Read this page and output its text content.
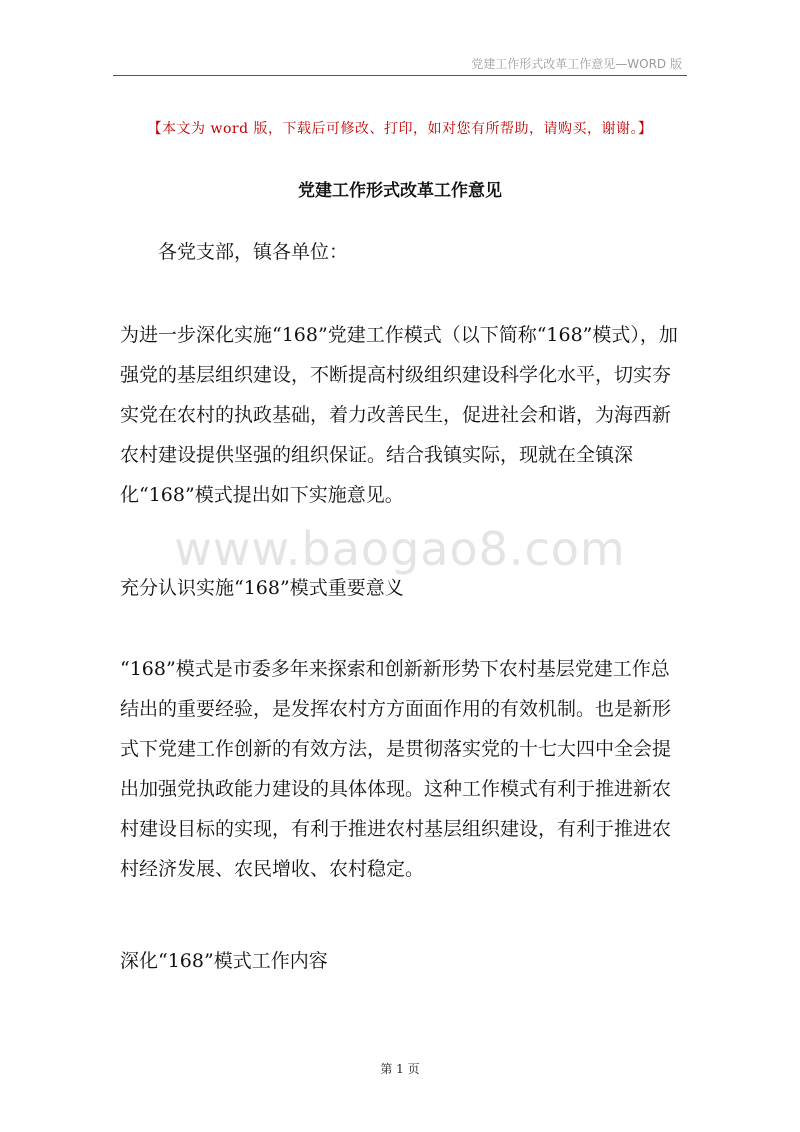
党建工作形式改革工作意见—WORD 版
【本文为 word 版，下载后可修改、打印，如对您有所帮助，请购买，谢谢。】
党建工作形式改革工作意见

各党支部，镇各单位：

为进一步深化实施“168”党建工作模式（以下简称“168”模式），加强党的基层组织建设，不断提高村级组织建设科学化水平，切实夯实党在农村的执政基础，着力改善民生，促进社会和谐，为海西新农村建设提供坚强的组织保证。结合我镇实际，现就在全镇深化“168”模式提出如下实施意见。

www.baogao8.com

充分认识实施“168”模式重要意义

“168”模式是市委多年来探索和创新新形势下农村基层党建工作总结出的重要经验，是发挥农村方方面面作用的有效机制。也是新形式下党建工作创新的有效方法，是贯彻落实党的十七大四中全会提出加强党执政能力建设的具体体现。这种工作模式有利于推进新农村建设目标的实现，有利于推进农村基层组织建设，有利于推进农村经济发展、农民增收、农村稳定。

深化“168”模式工作内容

第 1 页
